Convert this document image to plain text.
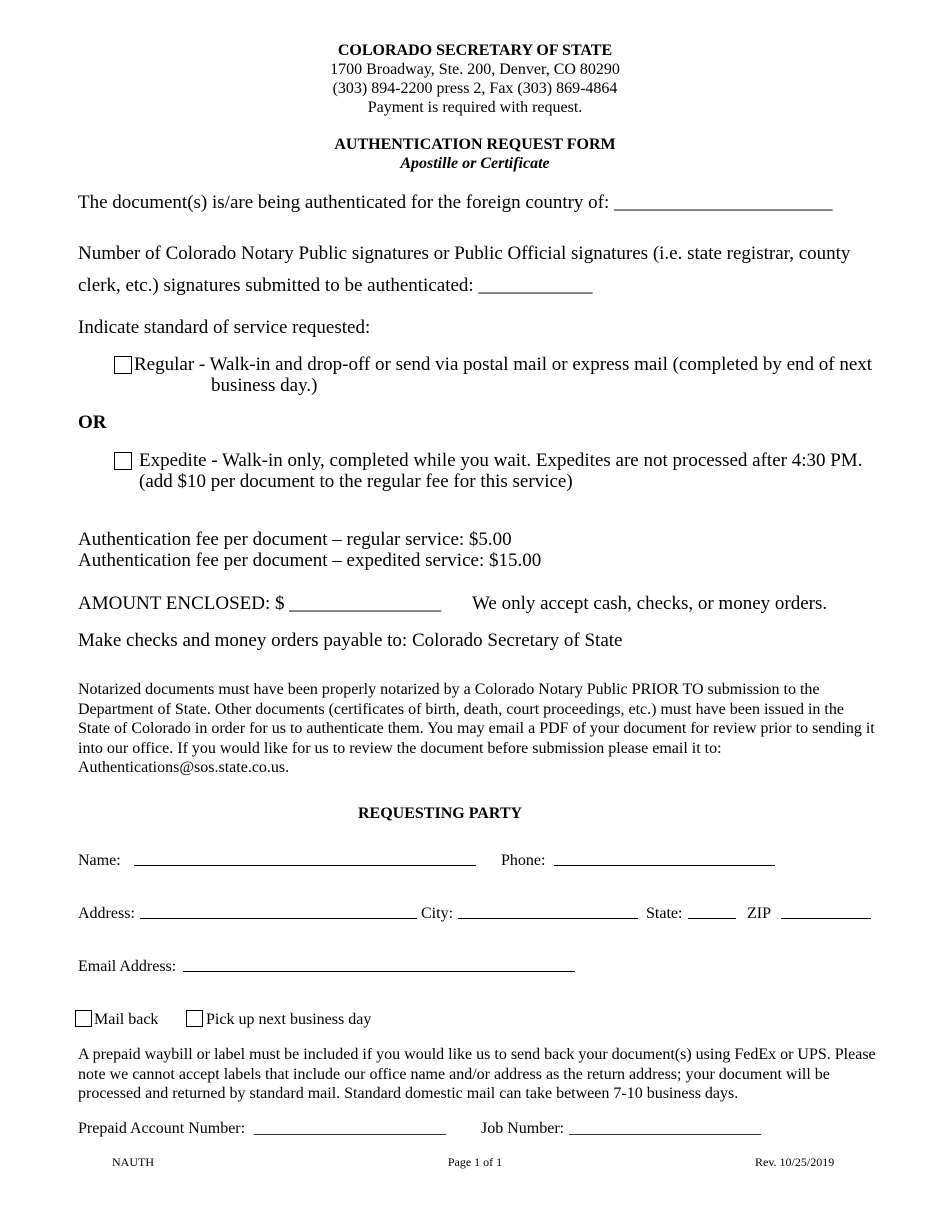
COLORADO SECRETARY OF STATE
1700 Broadway, Ste. 200, Denver, CO 80290
(303) 894-2200 press 2, Fax (303) 869-4864
Payment is required with request.
AUTHENTICATION REQUEST FORM
Apostille or Certificate
The document(s) is/are being authenticated for the foreign country of: _______________________
Number of Colorado Notary Public signatures or Public Official signatures (i.e. state registrar, county
clerk, etc.) signatures submitted to be authenticated: ____________
Indicate standard of service requested:
Regular - Walk-in and drop-off or send via postal mail or express mail (completed by end of next
business day.)
OR
Expedite - Walk-in only, completed while you wait. Expedites are not processed after 4:30 PM.
(add $10 per document to the regular fee for this service)
Authentication fee per document – regular service: $5.00
Authentication fee per document – expedited service: $15.00
AMOUNT ENCLOSED: $ ________________ We only accept cash, checks, or money orders.
Make checks and money orders payable to: Colorado Secretary of State
Notarized documents must have been properly notarized by a Colorado Notary Public PRIOR TO submission to the Department of State. Other documents (certificates of birth, death, court proceedings, etc.) must have been issued in the State of Colorado in order for us to authenticate them. You may email a PDF of your document for review prior to sending it into our office. If you would like for us to review the document before submission please email it to: Authentications@sos.state.co.us.
REQUESTING PARTY
Name:	Phone:
Address:	City:	State:	ZIP
Email Address:
Mail back	Pick up next business day
A prepaid waybill or label must be included if you would like us to send back your document(s) using FedEx or UPS. Please note we cannot accept labels that include our office name and/or address as the return address; your document will be processed and returned by standard mail. Standard domestic mail can take between 7-10 business days.
Prepaid Account Number: ________________________ Job Number: ________________________
NAUTH	Page 1 of 1	Rev. 10/25/2019
